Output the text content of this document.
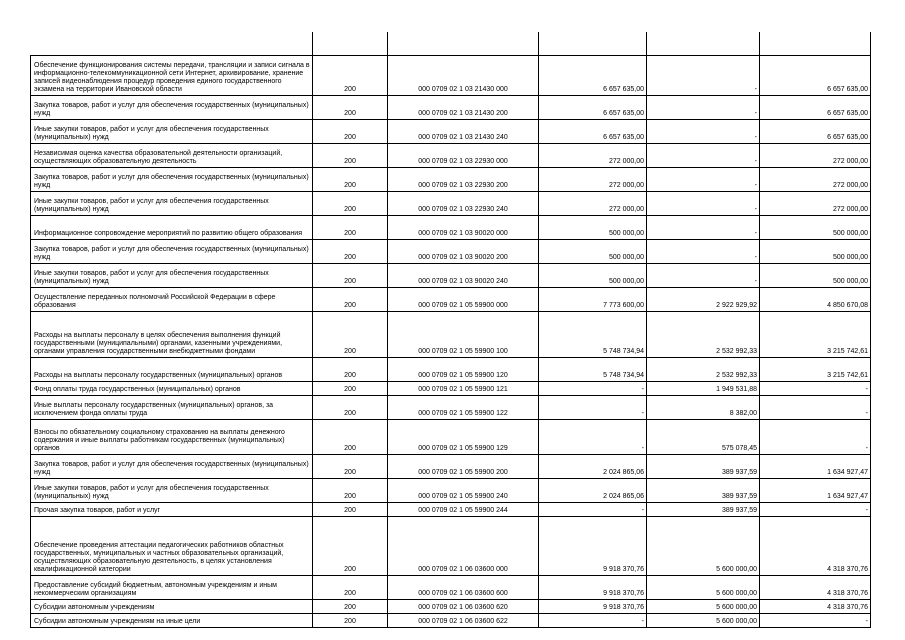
Обеспечение функционирования системы передачи, трансляции и записи сигнала в информационно-телекоммуникационной сети Интернет, архивирование, хранение записей видеонаблюдения процедур проведения единого государственного экзамена на территории Ивановской области	200	000 0709 02 1 03 21430 000	6 657 635,00	-	6 657 635,00
Закупка товаров, работ и услуг для обеспечения государственных (муниципальных) нужд	200	000 0709 02 1 03 21430 200	6 657 635,00	-	6 657 635,00
Иные закупки товаров, работ и услуг для обеспечения государственных (муниципальных) нужд	200	000 0709 02 1 03 21430 240	6 657 635,00	-	6 657 635,00
Независимая оценка качества образовательной деятельности организаций, осуществляющих образовательную деятельность	200	000 0709 02 1 03 22930 000	272 000,00	-	272 000,00
Закупка товаров, работ и услуг для обеспечения государственных (муниципальных) нужд	200	000 0709 02 1 03 22930 200	272 000,00	-	272 000,00
Иные закупки товаров, работ и услуг для обеспечения государственных (муниципальных) нужд	200	000 0709 02 1 03 22930 240	272 000,00	-	272 000,00
Информационное сопровождение мероприятий по развитию общего образования	200	000 0709 02 1 03 90020 000	500 000,00	-	500 000,00
Закупка товаров, работ и услуг для обеспечения государственных (муниципальных) нужд	200	000 0709 02 1 03 90020 200	500 000,00	-	500 000,00
Иные закупки товаров, работ и услуг для обеспечения государственных (муниципальных) нужд	200	000 0709 02 1 03 90020 240	500 000,00	-	500 000,00
Осуществление переданных полномочий Российской Федерации в сфере образования	200	000 0709 02 1 05 59900 000	7 773 600,00	2 922 929,92	4 850 670,08
Расходы на выплаты персоналу в целях обеспечения выполнения функций государственными (муниципальными) органами, казенными учреждениями, органами управления государственными внебюджетными фондами	200	000 0709 02 1 05 59900 100	5 748 734,94	2 532 992,33	3 215 742,61
Расходы на выплаты персоналу государственных (муниципальных) органов	200	000 0709 02 1 05 59900 120	5 748 734,94	2 532 992,33	3 215 742,61
Фонд оплаты труда государственных (муниципальных) органов	200	000 0709 02 1 05 59900 121	-	1 949 531,88	-
Иные выплаты персоналу государственных (муниципальных) органов, за исключением фонда оплаты труда	200	000 0709 02 1 05 59900 122	-	8 382,00	-
Взносы по обязательному социальному страхованию на выплаты денежного содержания и иные выплаты работникам государственных (муниципальных) органов	200	000 0709 02 1 05 59900 129	-	575 078,45	-
Закупка товаров, работ и услуг для обеспечения государственных (муниципальных) нужд	200	000 0709 02 1 05 59900 200	2 024 865,06	389 937,59	1 634 927,47
Иные закупки товаров, работ и услуг для обеспечения государственных (муниципальных) нужд	200	000 0709 02 1 05 59900 240	2 024 865,06	389 937,59	1 634 927,47
Прочая закупка товаров, работ и услуг	200	000 0709 02 1 05 59900 244	-	389 937,59	-
Обеспечение проведения аттестации педагогических работников областных государственных, муниципальных и частных образовательных организаций, осуществляющих образовательную деятельность, в целях установления квалификационной категории	200	000 0709 02 1 06 03600 000	9 918 370,76	5 600 000,00	4 318 370,76
Предоставление субсидий бюджетным, автономным учреждениям и иным некоммерческим организациям	200	000 0709 02 1 06 03600 600	9 918 370,76	5 600 000,00	4 318 370,76
Субсидии автономным учреждениям	200	000 0709 02 1 06 03600 620	9 918 370,76	5 600 000,00	4 318 370,76
Субсидии автономным учреждениям на иные цели	200	000 0709 02 1 06 03600 622	-	5 600 000,00	-
